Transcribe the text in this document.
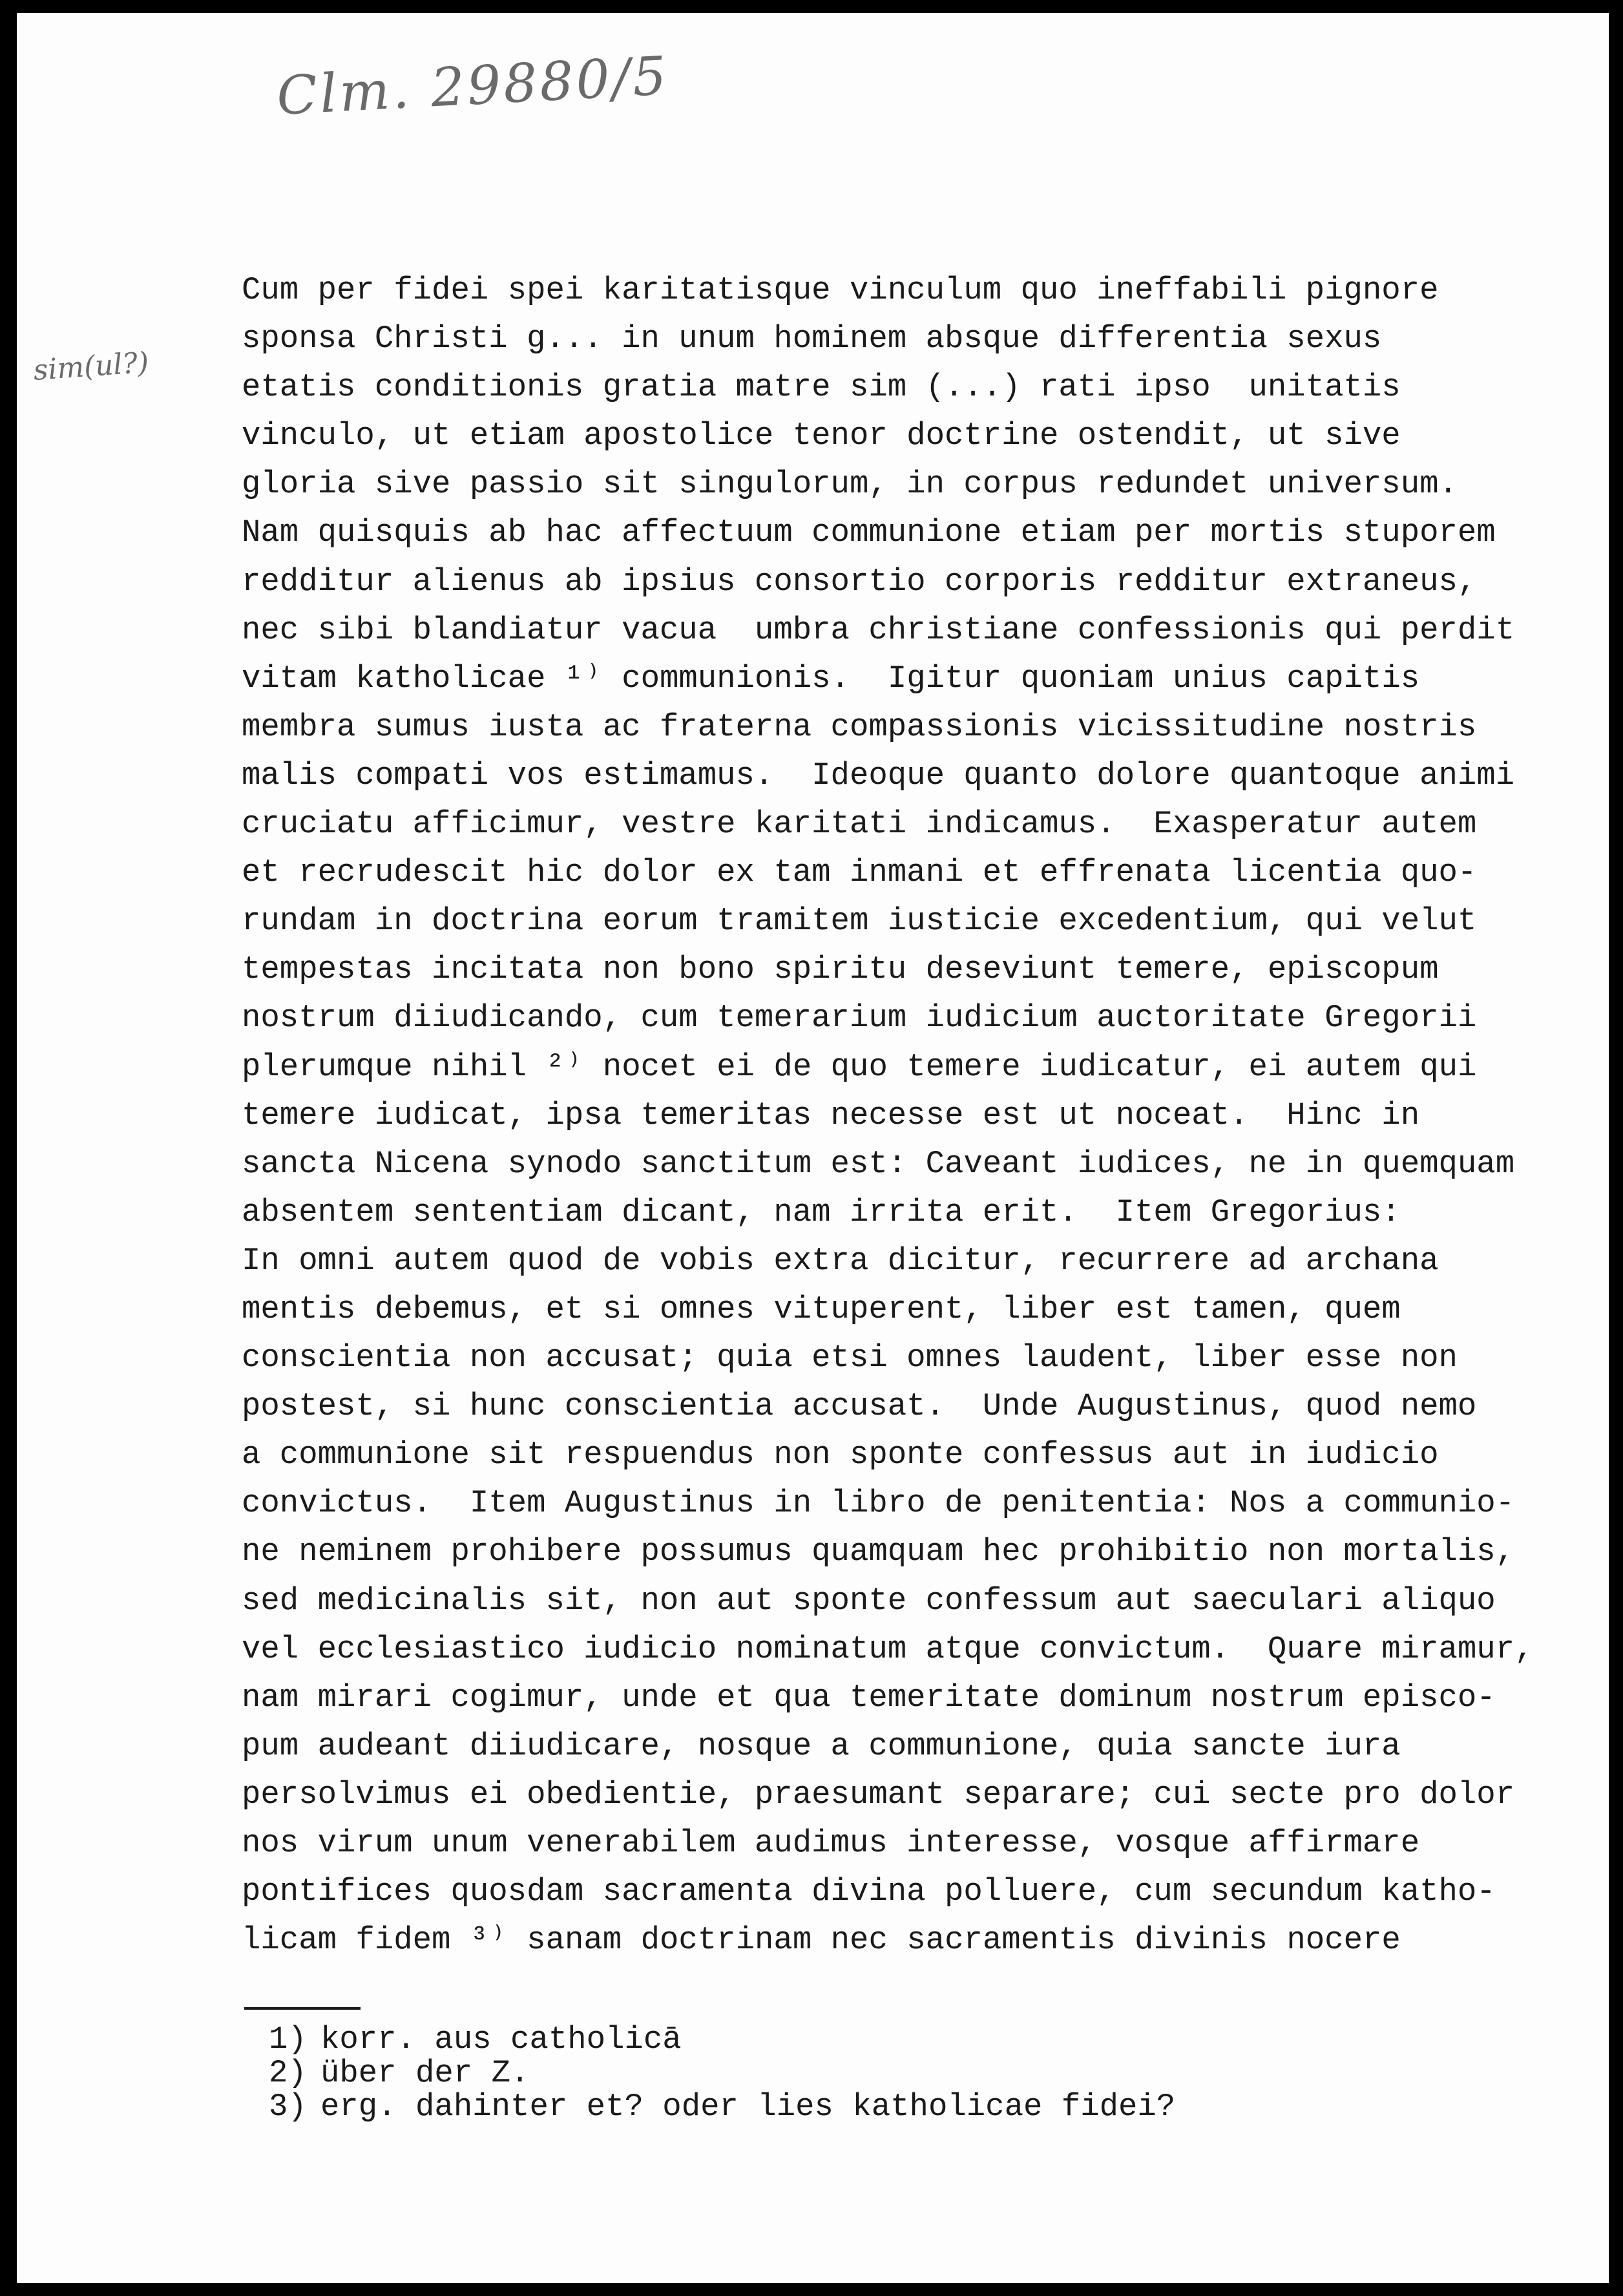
Clm. 29880/5
sim(ul?)
Cum per fidei spei karitatisque vinculum quo ineffabili pignore
sponsa Christi g... in unum hominem absque differentia sexus
etatis conditionis gratia matre sim (...) rati ipso  unitatis
vinculo, ut etiam apostolice tenor doctrine ostendit, ut sive
gloria sive passio sit singulorum, in corpus redundet universum.
Nam quisquis ab hac affectuum communione etiam per mortis stuporem
redditur alienus ab ipsius consortio corporis redditur extraneus,
nec sibi blandiatur vacua  umbra christiane confessionis qui perdit
vitam katholicae ¹⁾ communionis.  Igitur quoniam unius capitis
membra sumus iusta ac fraterna compassionis vicissitudine nostris
malis compati vos estimamus.  Ideoque quanto dolore quantoque animi
cruciatu afficimur, vestre karitati indicamus.  Exasperatur autem
et recrudescit hic dolor ex tam inmani et effrenata licentia quo-
rundam in doctrina eorum tramitem iusticie excedentium, qui velut
tempestas incitata non bono spiritu deseviunt temere, episcopum
nostrum diiudicando, cum temerarium iudicium auctoritate Gregorii
plerumque nihil ²⁾ nocet ei de quo temere iudicatur, ei autem qui
temere iudicat, ipsa temeritas necesse est ut noceat.  Hinc in
sancta Nicena synodo sanctitum est: Caveant iudices, ne in quemquam
absentem sententiam dicant, nam irrita erit.  Item Gregorius:
In omni autem quod de vobis extra dicitur, recurrere ad archana
mentis debemus, et si omnes vituperent, liber est tamen, quem
conscientia non accusat; quia etsi omnes laudent, liber esse non
postest, si hunc conscientia accusat.  Unde Augustinus, quod nemo
a communione sit respuendus non sponte confessus aut in iudicio
convictus.  Item Augustinus in libro de penitentia: Nos a communio-
ne neminem prohibere possumus quamquam hec prohibitio non mortalis,
sed medicinalis sit, non aut sponte confessum aut saeculari aliquo
vel ecclesiastico iudicio nominatum atque convictum.  Quare miramur,
nam mirari cogimur, unde et qua temeritate dominum nostrum episco-
pum audeant diiudicare, nosque a communione, quia sancte iura
persolvimus ei obedientie, praesumant separare; cui secte pro dolor
nos virum unum venerabilem audimus interesse, vosque affirmare
pontifices quosdam sacramenta divina polluere, cum secundum katho-
licam fidem ³⁾ sanam doctrinam nec sacramentis divinis nocere
1) korr. aus catholicā
2) über der Z.
3) erg. dahinter et? oder lies katholicae fidei?
